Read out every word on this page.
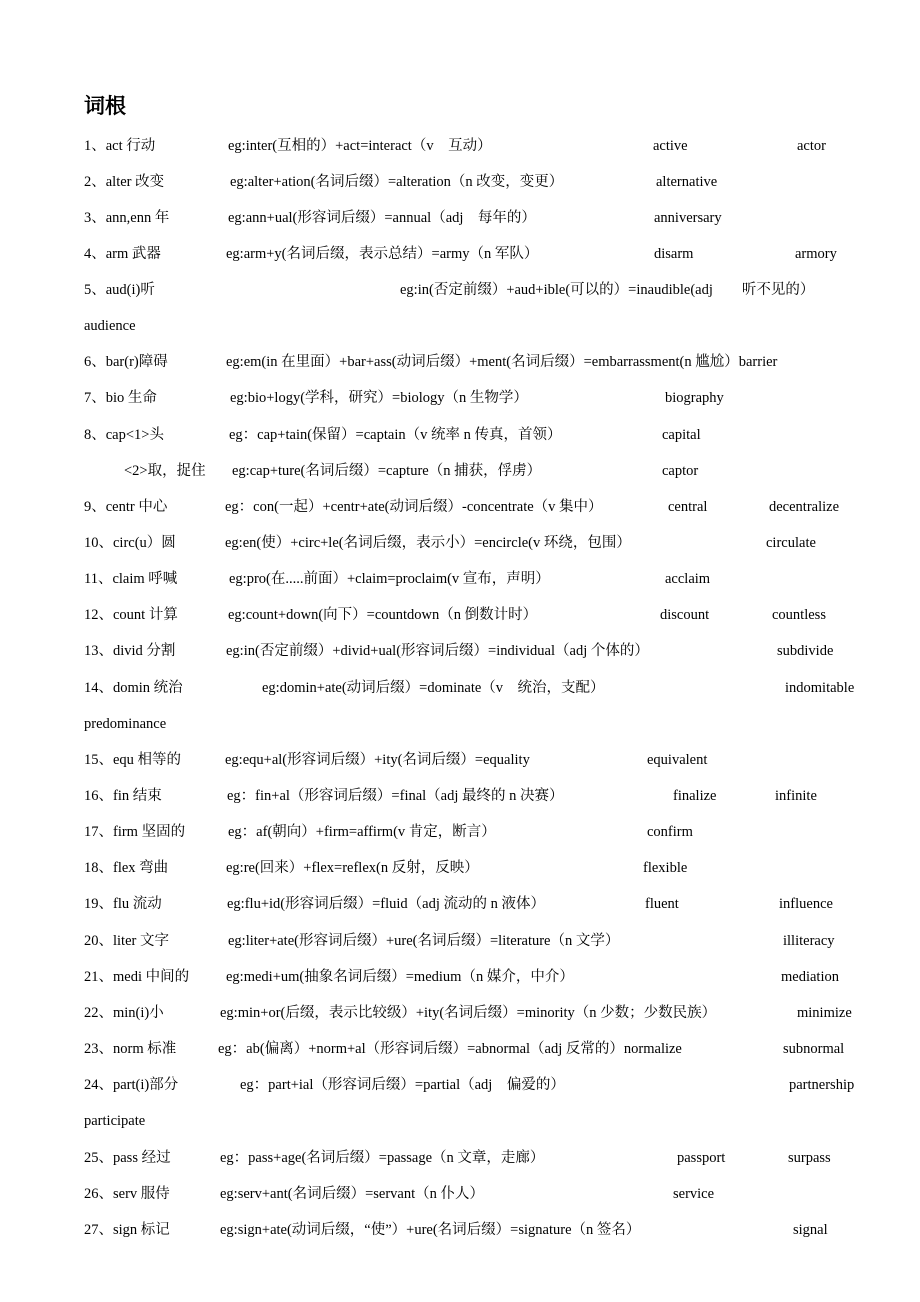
词根
1、act 行动	eg:inter(互相的）+act=interact（v　互动）	active	actor
2、alter 改变	eg:alter+ation(名词后缀）=alteration（n 改变，变更）	alternative
3、ann,enn 年	eg:ann+ual(形容词后缀）=annual（adj　每年的）	anniversary
4、arm 武器	eg:arm+y(名词后缀，表示总结）=army（n 军队）	disarm	armory
5、aud(i)听	eg:in(否定前缀）+aud+ible(可以的）=inaudible(adj　　听不见的）
audience
6、bar(r)障碍	eg:em(in 在里面）+bar+ass(动词后缀）+ment(名词后缀）=embarrassment(n 尴尬）barrier
7、bio 生命	eg:bio+logy(学科，研究）=biology（n 生物学）	biography
8、cap<1>头	eg：cap+tain(保留）=captain（v 统率 n 传真，首领）	capital
<2>取，捉住 eg:cap+ture(名词后缀）=capture（n 捕获，俘虏）	captor
9、centr 中心	eg：con(一起）+centr+ate(动词后缀）-concentrate（v 集中）	central	decentralize
10、circ(u）圆	eg:en(使）+circ+le(名词后缀，表示小）=encircle(v 环绕，包围）	circulate
11、claim 呼喊	eg:pro(在.....前面）+claim=proclaim(v 宣布，声明）	acclaim
12、count 计算	eg:count+down(向下）=countdown（n 倒数计时）	discount	countless
13、divid 分割	eg:in(否定前缀）+divid+ual(形容词后缀）=individual（adj 个体的）	subdivide
14、domin 统治	eg:domin+ate(动词后缀）=dominate（v　统治，支配）	indomitable
predominance
15、equ 相等的	eg:equ+al(形容词后缀）+ity(名词后缀）=equality	equivalent
16、fin 结束	eg：fin+al（形容词后缀）=final（adj 最终的 n 决赛）	finalize	infinite
17、firm 坚固的	eg：af(朝向）+firm=affirm(v 肯定，断言）	confirm
18、flex 弯曲	eg:re(回来）+flex=reflex(n 反射，反映）	flexible
19、flu 流动	eg:flu+id(形容词后缀）=fluid（adj 流动的 n 液体）	fluent	influence
20、liter 文字	eg:liter+ate(形容词后缀）+ure(名词后缀）=literature（n 文学）	illiteracy
21、medi 中间的	eg:medi+um(抽象名词后缀）=medium（n 媒介，中介）	mediation
22、min(i)小	eg:min+or(后缀，表示比较级）+ity(名词后缀）=minority（n 少数；少数民族）	minimize
23、norm 标准	eg：ab(偏离）+norm+al（形容词后缀）=abnormal（adj 反常的）normalize	subnormal
24、part(i)部分	eg：part+ial（形容词后缀）=partial（adj　偏爱的）	partnership
participate
25、pass 经过	eg：pass+age(名词后缀）=passage（n 文章，走廊）	passport	surpass
26、serv 服侍	eg:serv+ant(名词后缀）=servant（n 仆人）	service
27、sign 标记	eg:sign+ate(动词后缀，“使”）+ure(名词后缀）=signature（n 签名）	signal
